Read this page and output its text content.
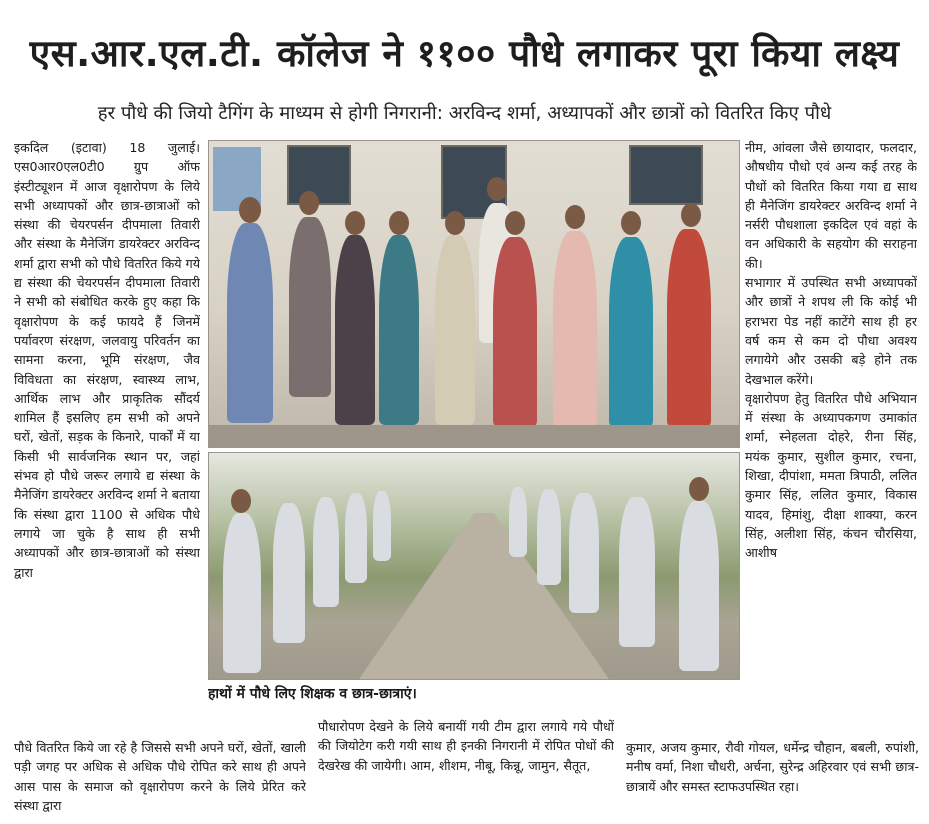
एस.आर.एल.टी. कॉलेज ने ११०० पौधे लगाकर पूरा किया लक्ष्य
हर पौधे की जियो टैगिंग के माध्यम से होगी निगरानी: अरविन्द शर्मा, अध्यापकों और छात्रों को वितरित किए पौधे

इकदिल (इटावा) 18 जुलाई। एस0आर0एल0टी0 ग्रुप ऑफ इंस्टीट्यूशन में आज वृक्षारोपण के लिये सभी अध्यापकों और छात्र-छात्राओं को संस्था की चेयरपर्सन दीपमाला तिवारी और संस्था के मैनेजिंग डायरेक्टर अरविन्द शर्मा द्वारा सभी को पौधे वितरित किये गये द्य संस्था की चेयरपर्सन दीपमाला तिवारी ने सभी को संबोधित करके हुए कहा कि वृक्षारोपण के कई फायदे हैं जिनमें पर्यावरण संरक्षण, जलवायु परिवर्तन का सामना करना, भूमि संरक्षण, जैव विविधता का संरक्षण, स्वास्थ्य लाभ, आर्थिक लाभ और प्राकृतिक सौंदर्य शामिल हैं इसलिए हम सभी को अपने घरों, खेतों, सड़क के किनारे, पार्कों में या किसी भी सार्वजनिक स्थान पर, जहां संभव हो पौधे जरूर लगाये द्य संस्था के मैनेजिंग डायरेक्टर अरविन्द शर्मा ने बताया कि संस्था द्वारा 1100 से अधिक पौधे लगाये जा चुके है साथ ही सभी अध्यापकों और छात्र-छात्राओं को संस्था द्वारा

हाथों में पौधे लिए शिक्षक व छात्र-छात्राएं।

नीम, आंवला जैसे छायादार, फलदार, औषधीय पौधो एवं अन्य कई तरह के पौधों को वितरित किया गया द्य साथ ही मैनेजिंग डायरेक्टर अरविन्द शर्मा ने नर्सरी पौधशाला इकदिल एवं वहां के वन अधिकारी के सहयोग की सराहना की।

सभागार में उपस्थित सभी अध्यापकों और छात्रों ने शपथ ली कि कोई भी हराभरा पेड नहीं काटेंगे साथ ही हर वर्ष कम से कम दो पौधा अवश्य लगायेगे और उसकी बड़े होने तक देखभाल करेंगे।

वृक्षारोपण हेतु वितरित पौधे अभियान में संस्था के अध्यापकगण उमाकांत शर्मा, स्नेहलता दोहरे, रीना सिंह, मयंक कुमार, सुशील कुमार, रचना, शिखा, दीपांशा, ममता त्रिपाठी, ललित कुमार सिंह, ललित कुमार, विकास यादव, हिमांशु, दीक्षा शाक्या, करन सिंह, अलीशा सिंह, कंचन चौरसिया, आशीष

पौधे वितरित किये जा रहे है जिससे सभी अपने घरों, खेतों, खाली पड़ी जगह पर अधिक से अधिक पौधे रोपित करे साथ ही अपने आस पास के समाज को वृक्षारोपण करने के लिये प्रेरित करे संस्था द्वारा

पौधारोपण देखने के लिये बनायीं गयी टीम द्वारा लगाये गये पौधों की जियोटेग करी गयी साथ ही इनकी निगरानी में रोपित पोधों की देखरेख की जायेगी। आम, शीशम, नीबू, किन्नू, जामुन, सैतूत,

कुमार, अजय कुमार, रौवी गोयल, धर्मेन्द्र चौहान, बबली, रुपांशी, मनीष वर्मा, निशा चौधरी, अर्चना, सुरेन्द्र अहिरवार एवं सभी छात्र-छात्रायें और समस्त स्टाफउपस्थित रहा।
